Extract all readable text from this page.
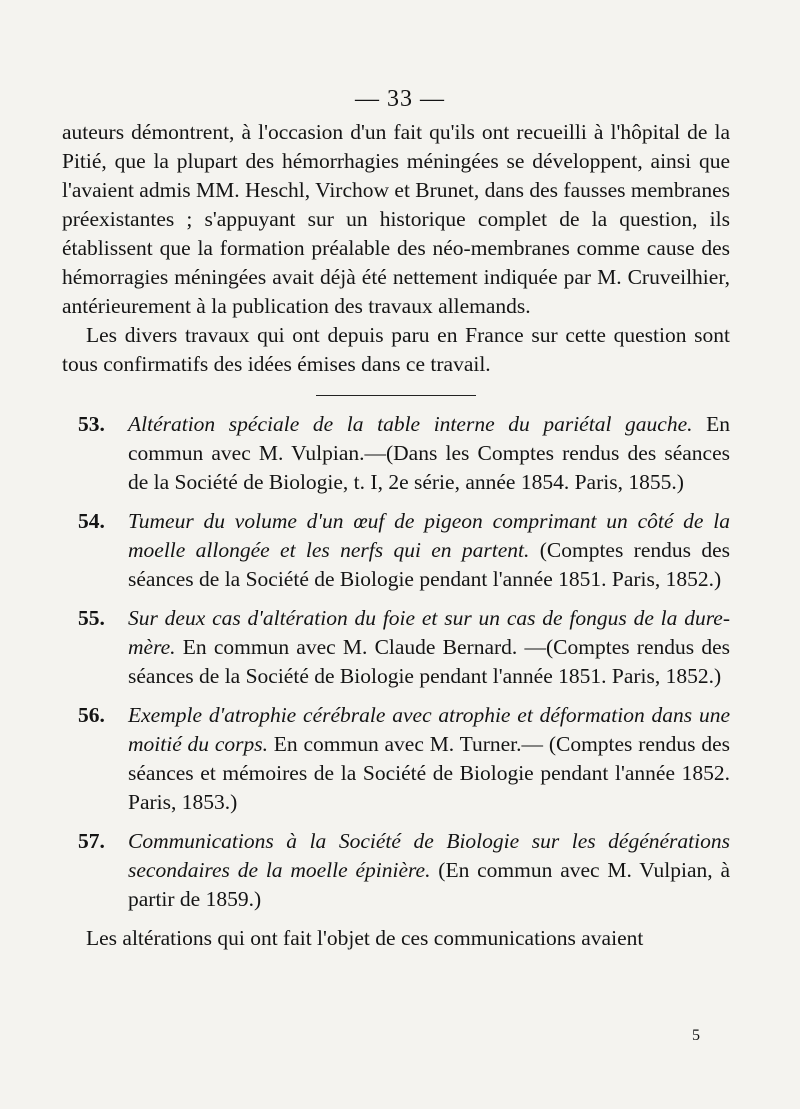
— 33 —

auteurs démontrent, à l'occasion d'un fait qu'ils ont recueilli à l'hôpital de la Pitié, que la plupart des hémorrhagies méningées se développent, ainsi que l'avaient admis MM. Heschl, Virchow et Brunet, dans des fausses membranes préexistantes ; s'appuyant sur un historique complet de la question, ils établissent que la formation préalable des néo-membranes comme cause des hémorragies méningées avait déjà été nettement indiquée par M. Cruveilhier, antérieurement à la publication des travaux allemands.

Les divers travaux qui ont depuis paru en France sur cette question sont tous confirmatifs des idées émises dans ce travail.

53. Altération spéciale de la table interne du pariétal gauche. En commun avec M. Vulpian.—(Dans les Comptes rendus des séances de la Société de Biologie, t. I, 2e série, année 1854. Paris, 1855.)
54. Tumeur du volume d'un œuf de pigeon comprimant un côté de la moelle allongée et les nerfs qui en partent. (Comptes rendus des séances de la Société de Biologie pendant l'année 1851. Paris, 1852.)
55. Sur deux cas d'altération du foie et sur un cas de fongus de la dure-mère. En commun avec M. Claude Bernard. —(Comptes rendus des séances de la Société de Biologie pendant l'année 1851. Paris, 1852.)
56. Exemple d'atrophie cérébrale avec atrophie et déformation dans une moitié du corps. En commun avec M. Turner.— (Comptes rendus des séances et mémoires de la Société de Biologie pendant l'année 1852. Paris, 1853.)
57. Communications à la Société de Biologie sur les dégénérations secondaires de la moelle épinière. (En commun avec M. Vulpian, à partir de 1859.)

Les altérations qui ont fait l'objet de ces communications avaient

5
